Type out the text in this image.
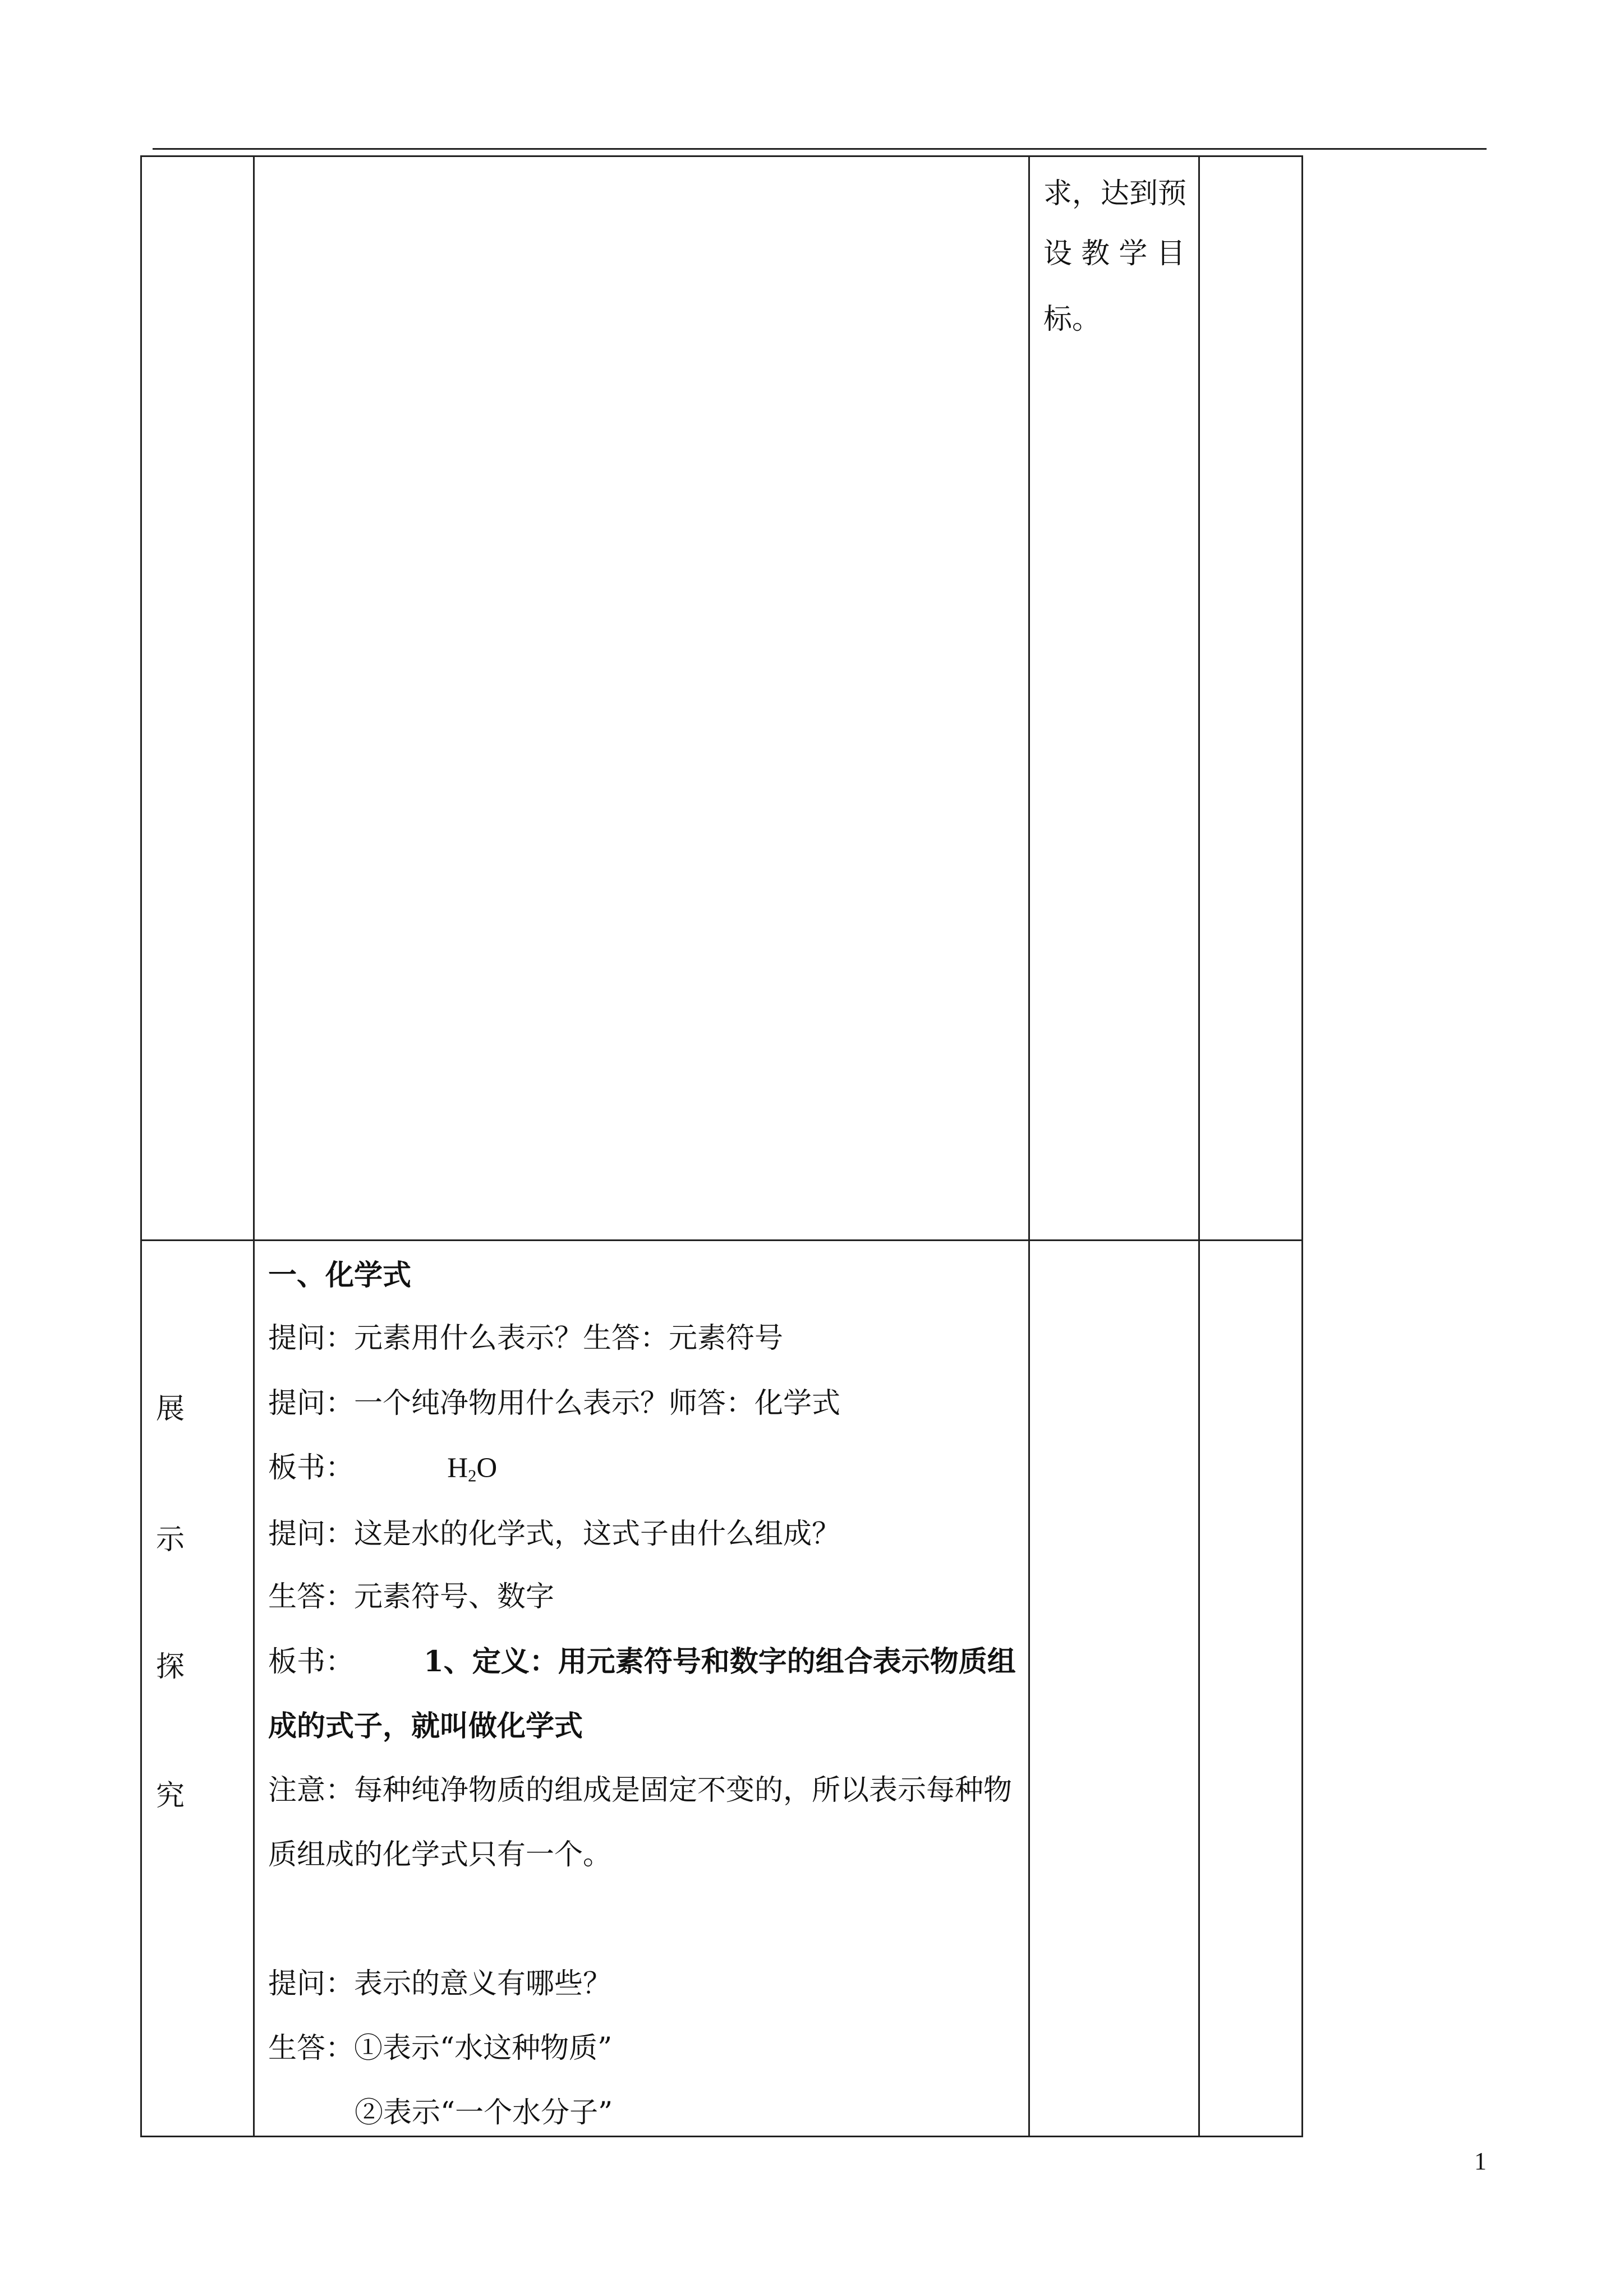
求，达到预
设 教 学 目
标。
展
示
探
究
一、化学式
提问：元素用什么表示？生答：元素符号
提问：一个纯净物用什么表示？师答：化学式
板书：	$H_2O$
提问：这是水的化学式，这式子由什么组成？
生答：元素符号、数字
板书： 1、定义：用元素符号和数字的组合表示物质组
成的式子，就叫做化学式
注意：每种纯净物质的组成是固定不变的，所以表示每种物
质组成的化学式只有一个。
提问：表示的意义有哪些？
生答：①表示“水这种物质”
②表示“一个水分子”
1
